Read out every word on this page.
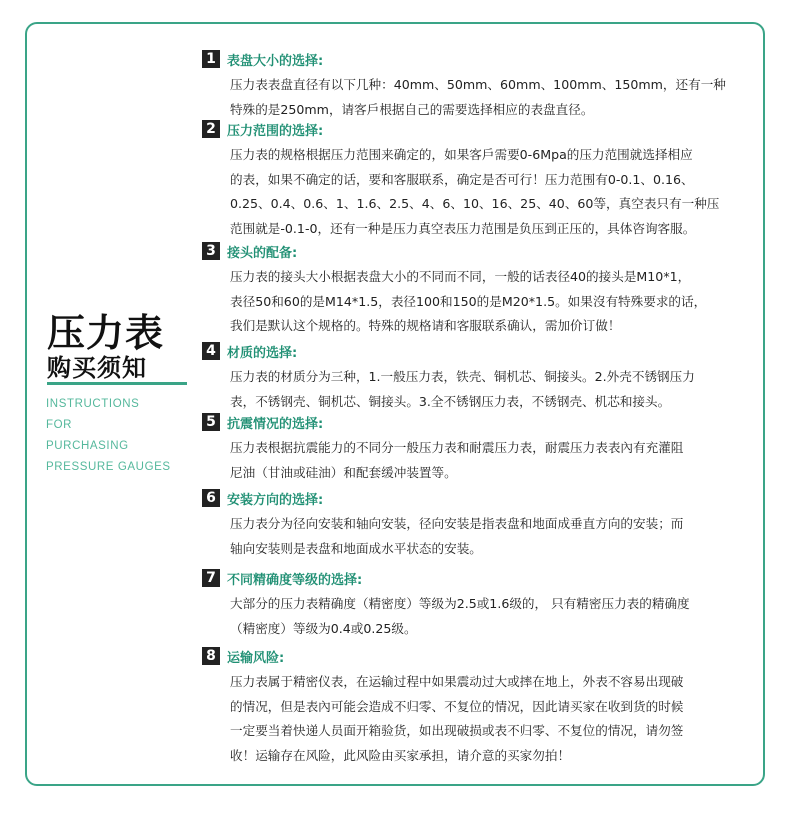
压力表
购买须知
INSTRUCTIONS
FOR
PURCHASING
PRESSURE GAUGES
1 表盘大小的选择:
压力表表盘直径有以下几种：40mm、50mm、60mm、100mm、150mm，还有一种
特殊的是250mm，请客戶根据自己的需要选择相应的表盘直径。
2 压力范围的选择:
压力表的规格根据压力范围来确定的，如果客戶需要0-6Mpa的压力范围就选择相应
的表，如果不确定的话，要和客服联系，确定是否可行！压力范围有0-0.1、0.16、
0.25、0.4、0.6、1、1.6、2.5、4、6、10、16、25、40、60等，真空表只有一种压
范围就是-0.1-0，还有一种是压力真空表压力范围是负压到正压的，具体咨询客服。
3 接头的配备:
压力表的接头大小根据表盘大小的不同而不同，一般的话表径40的接头是M10*1，
表径50和60的是M14*1.5，表径100和150的是M20*1.5。如果沒有特殊要求的话，
我们是默认这个规格的。特殊的规格请和客服联系确认，需加价订做！
4 材质的选择:
压力表的材质分为三种，1.一般压力表，铁壳、铜机芯、铜接头。2.外壳不锈钢压力
表，不锈钢壳、铜机芯、铜接头。3.全不锈钢压力表，不锈钢壳、机芯和接头。
5 抗震情况的选择:
压力表根据抗震能力的不同分一般压力表和耐震压力表，耐震压力表表內有充灌阻
尼油（甘油或硅油）和配套缓冲装置等。
6 安装方向的选择:
压力表分为径向安装和轴向安装，径向安装是指表盘和地面成垂直方向的安装；而
轴向安装则是表盘和地面成水平状态的安装。
7 不同精确度等级的选择:
大部分的压力表精确度（精密度）等级为2.5或1.6级的， 只有精密压力表的精确度
（精密度）等级为0.4或0.25级。
8 运输风险:
压力表属于精密仪表，在运输过程中如果震动过大或摔在地上，外表不容易出现破
的情况，但是表內可能会造成不归零、不复位的情况，因此请买家在收到货的时候
一定要当着快递人员面开箱验货，如出现破损或表不归零、不复位的情况，请勿签
收！运输存在风险，此风险由买家承担，请介意的买家勿拍！
